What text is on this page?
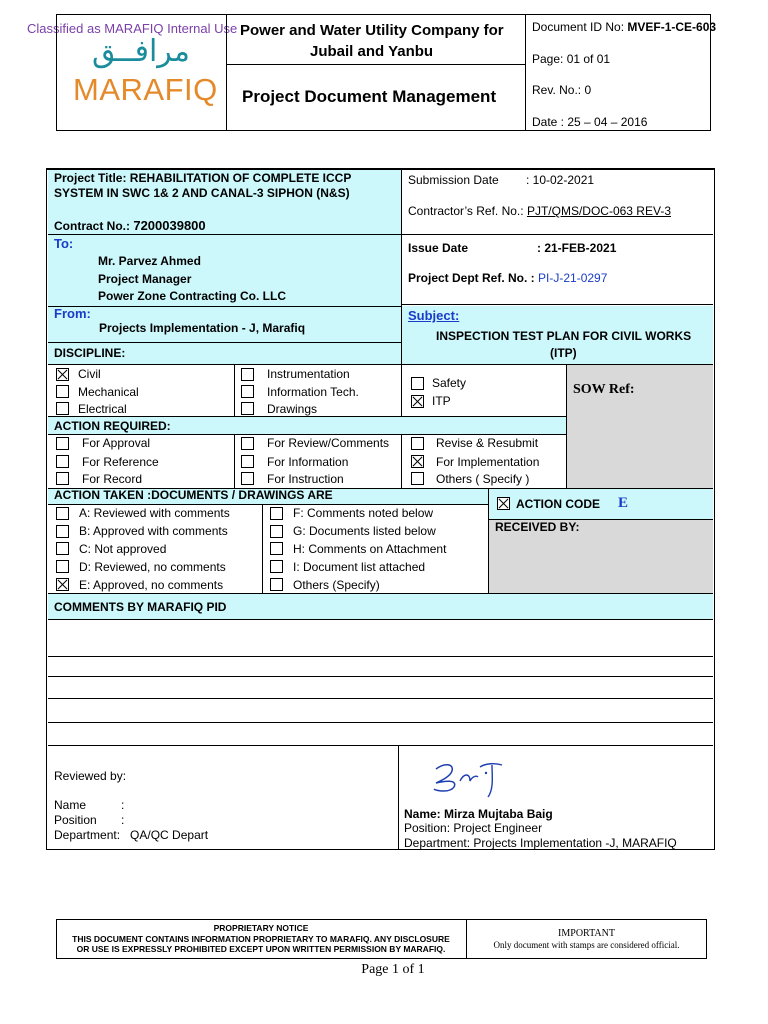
Classified as MARAFIQ Internal Use
مرافــق
MARAFIQ
Power and Water Utility Company for
Jubail and Yanbu
Project Document Management
Document ID No: MVEF-1-CE-603
Page: 01 of 01
Rev. No.: 0
Date : 25 – 04 – 2016
Project Title: REHABILITATION OF COMPLETE ICCP
SYSTEM IN SWC 1& 2 AND CANAL-3 SIPHON (N&S)
Contract No.: 7200039800
Submission Date : 10-02-2021
Contractor’s Ref. No.: PJT/QMS/DOC-063 REV-3
To:
Mr. Parvez Ahmed
Project Manager
Power Zone Contracting Co. LLC
Issue Date	: 21-FEB-2021
Project Dept Ref. No. : PI-J-21-0297
From:
Projects Implementation - J, Marafiq
Subject:
INSPECTION TEST PLAN FOR CIVIL WORKS
(ITP)
DISCIPLINE:
Civil
Mechanical
Electrical
Instrumentation
Information Tech.
Drawings
Safety
ITP
SOW Ref:
ACTION REQUIRED:
For Approval
For Reference
For Record
For Review/Comments
For Information
For Instruction
Revise & Resubmit
For Implementation
Others ( Specify )
ACTION TAKEN :DOCUMENTS / DRAWINGS ARE
A: Reviewed with comments
B: Approved with comments
C: Not approved
D: Reviewed, no comments
E: Approved, no comments
F: Comments noted below
G: Documents listed below
H: Comments on Attachment
I: Document list attached
Others (Specify)
ACTION CODE E
RECEIVED BY:
COMMENTS BY MARAFIQ PID
Reviewed by:
Name	:
Position :
Department: QA/QC Depart
Name: Mirza Mujtaba Baig
Position: Project Engineer
Department: Projects Implementation -J, MARAFIQ
PROPRIETARY NOTICE
THIS DOCUMENT CONTAINS INFORMATION PROPRIETARY TO MARAFIQ. ANY DISCLOSURE
OR USE IS EXPRESSLY PROHIBITED EXCEPT UPON WRITTEN PERMISSION BY MARAFIQ.
IMPORTANT
Only document with stamps are considered official.
Page 1 of 1
